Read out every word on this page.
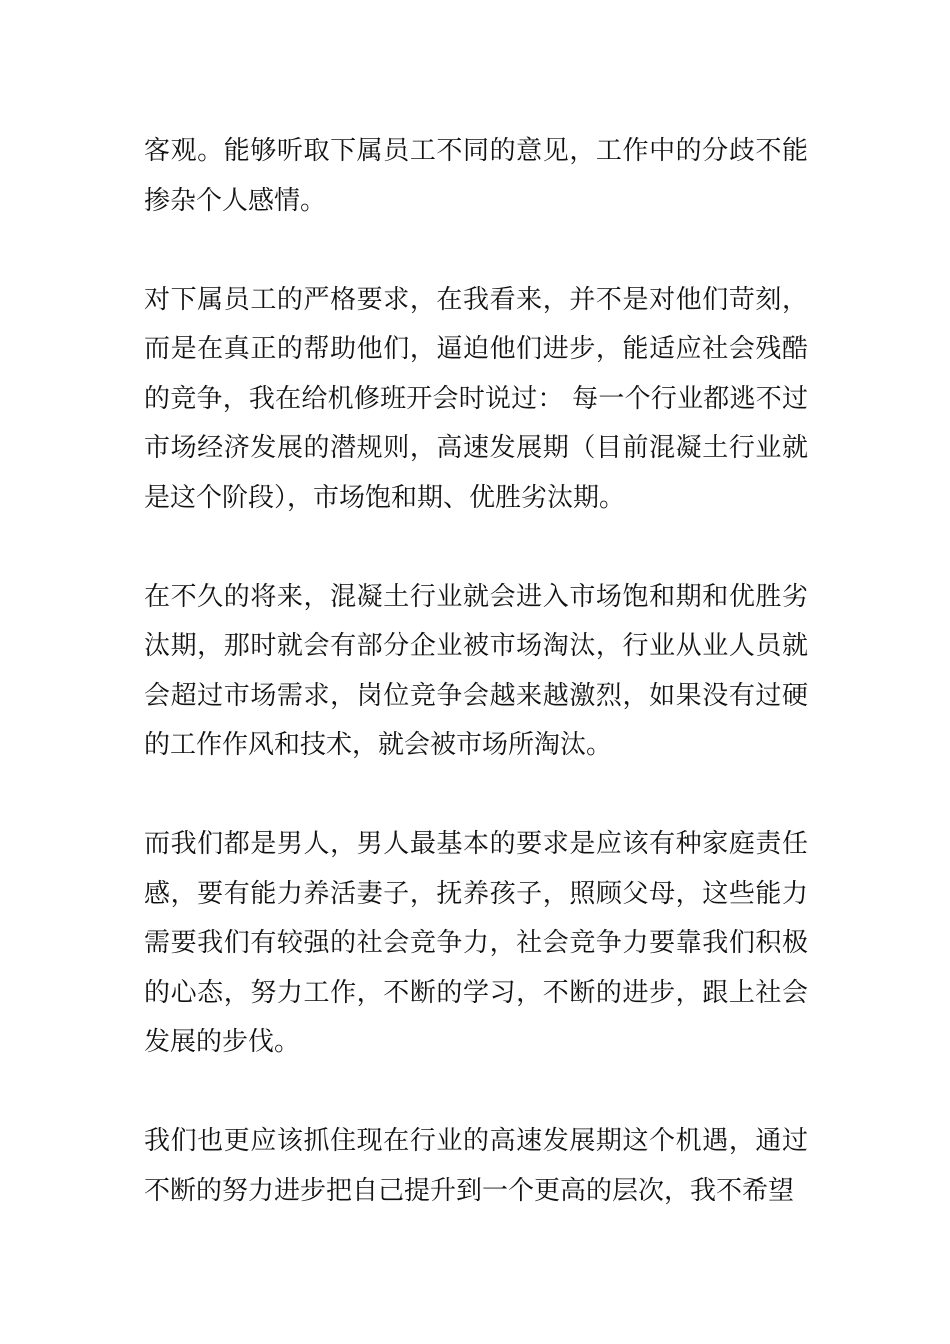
客观。能够听取下属员工不同的意见，工作中的分歧不能掺杂个人感情。

对下属员工的严格要求，在我看来，并不是对他们苛刻，而是在真正的帮助他们，逼迫他们进步，能适应社会残酷的竞争，我在给机修班开会时说过： 每一个行业都逃不过市场经济发展的潜规则，高速发展期（目前混凝土行业就是这个阶段），市场饱和期、优胜劣汰期。

在不久的将来，混凝土行业就会进入市场饱和期和优胜劣汰期，那时就会有部分企业被市场淘汰，行业从业人员就会超过市场需求，岗位竞争会越来越激烈，如果没有过硬的工作作风和技术，就会被市场所淘汰。

而我们都是男人，男人最基本的要求是应该有种家庭责任感，要有能力养活妻子，抚养孩子，照顾父母，这些能力需要我们有较强的社会竞争力，社会竞争力要靠我们积极的心态，努力工作，不断的学习，不断的进步，跟上社会发展的步伐。

我们也更应该抓住现在行业的高速发展期这个机遇，通过不断的努力进步把自己提升到一个更高的层次，我不希望
